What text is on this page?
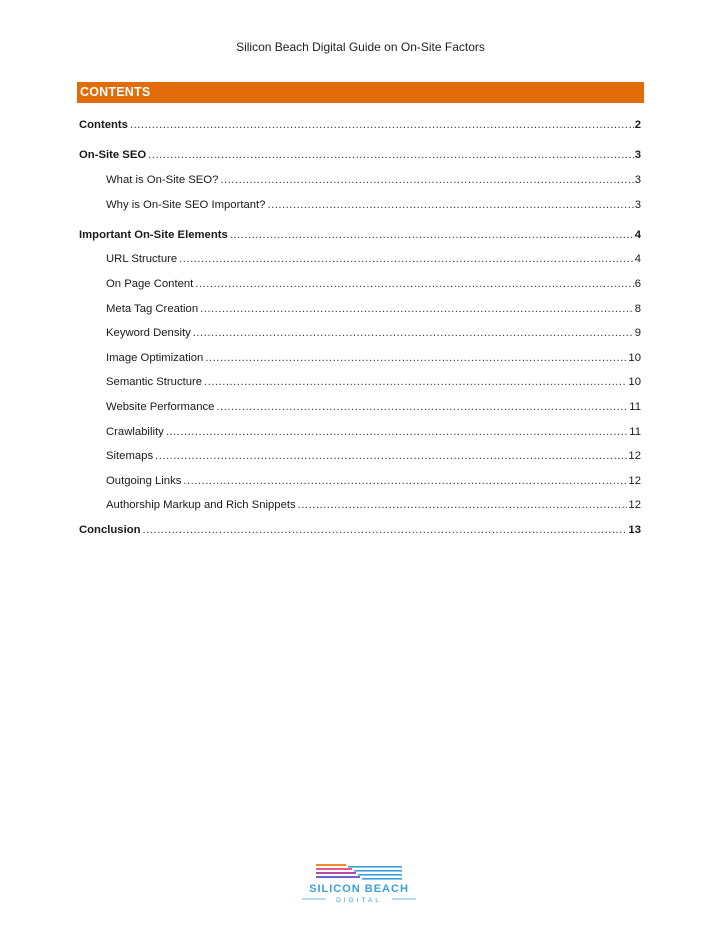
Silicon Beach Digital Guide on On-Site Factors
CONTENTS
Contents .....	2
On-Site SEO .....	3
What is On-Site SEO? .....	3
Why is On-Site SEO Important? .....	3
Important On-Site Elements .....	4
URL Structure .....	4
On Page Content .....	6
Meta Tag Creation .....	8
Keyword Density .....	9
Image Optimization .....	10
Semantic Structure .....	10
Website Performance .....	11
Crawlability .....	11
Sitemaps .....	12
Outgoing Links .....	12
Authorship Markup and Rich Snippets .....	12
Conclusion .....	13
SILICON BEACH
DIGITAL
